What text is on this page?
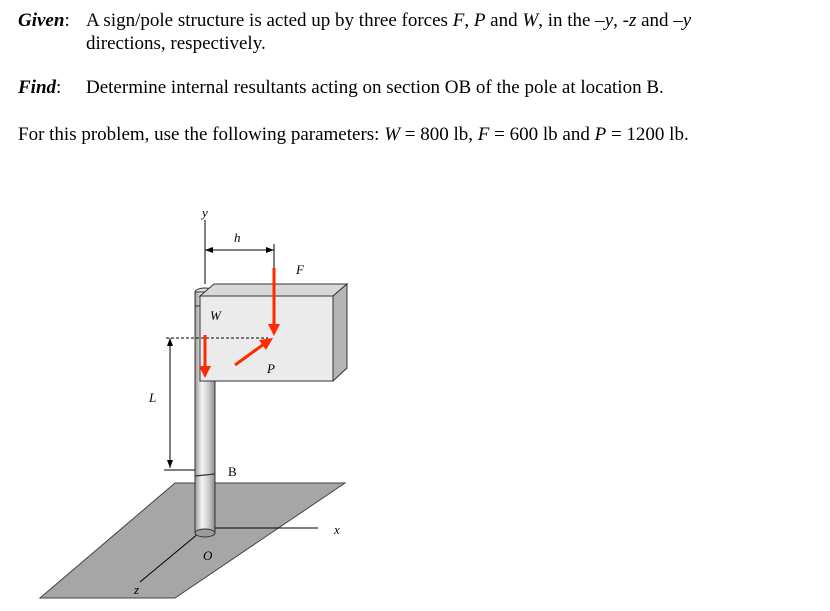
Given: A sign/pole structure is acted up by three forces F, P and W, in the –y, -z and –y
directions, respectively.
Find: Determine internal resultants acting on section OB of the pole at location B.
For this problem, use the following parameters: W = 800 lb, F = 600 lb and P = 1200 lb.
y
h
F
W
P
L
B
x
O
z
